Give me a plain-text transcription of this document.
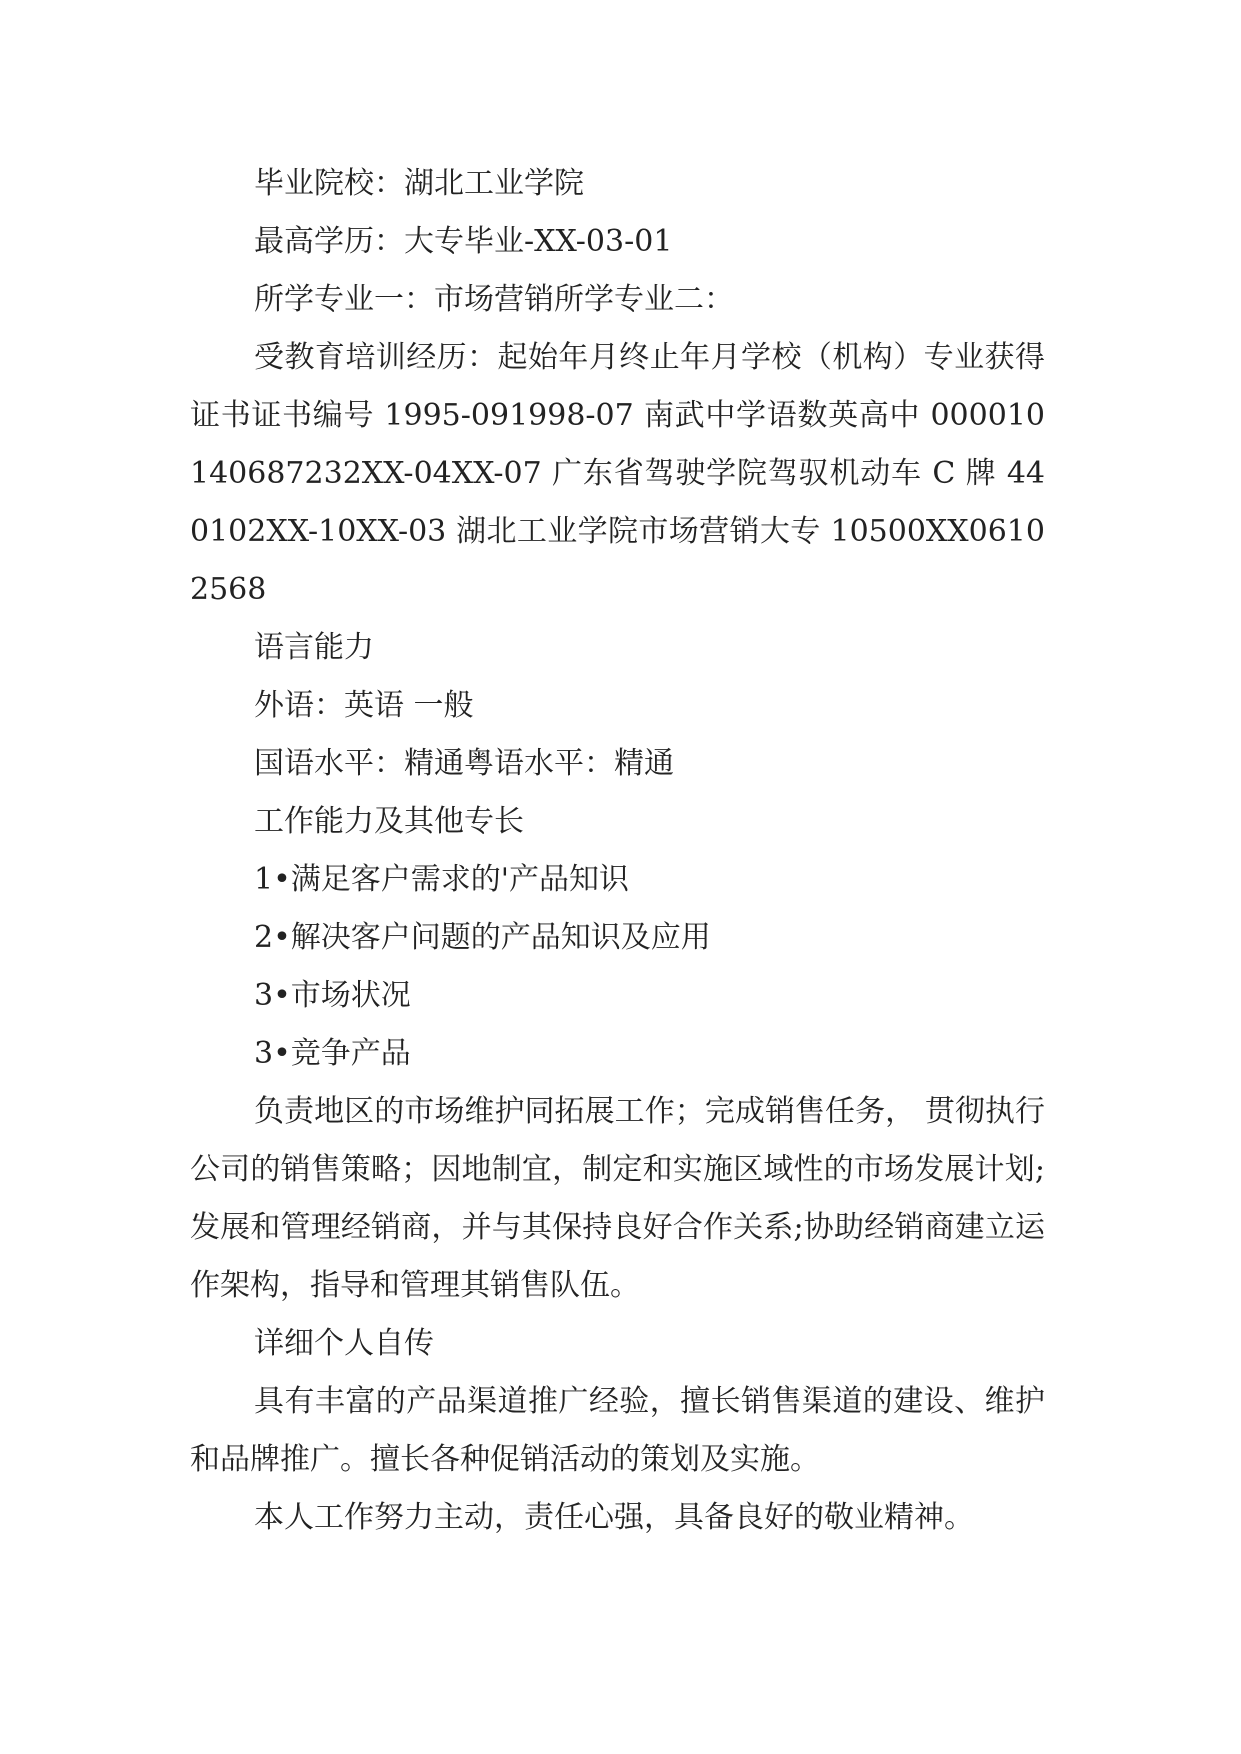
毕业院校：湖北工业学院

最高学历：大专毕业-XX-03-01

所学专业一：市场营销所学专业二：

受教育培训经历：起始年月终止年月学校（机构）专业获得证书证书编号 1995-091998-07 南武中学语数英高中 000010140687232XX-04XX-07 广东省驾驶学院驾驭机动车 C 牌 440102XX-10XX-03 湖北工业学院市场营销大专 10500XX06102568

语言能力

外语：英语 一般

国语水平：精通粤语水平：精通

工作能力及其他专长

1•满足客户需求的'产品知识

2•解决客户问题的产品知识及应用

3•市场状况

3•竞争产品

负责地区的市场维护同拓展工作；完成销售任务， 贯彻执行公司的销售策略；因地制宜，制定和实施区域性的市场发展计划;发展和管理经销商，并与其保持良好合作关系;协助经销商建立运作架构，指导和管理其销售队伍。

详细个人自传

具有丰富的产品渠道推广经验，擅长销售渠道的建设、维护和品牌推广。擅长各种促销活动的策划及实施。

本人工作努力主动，责任心强，具备良好的敬业精神。
